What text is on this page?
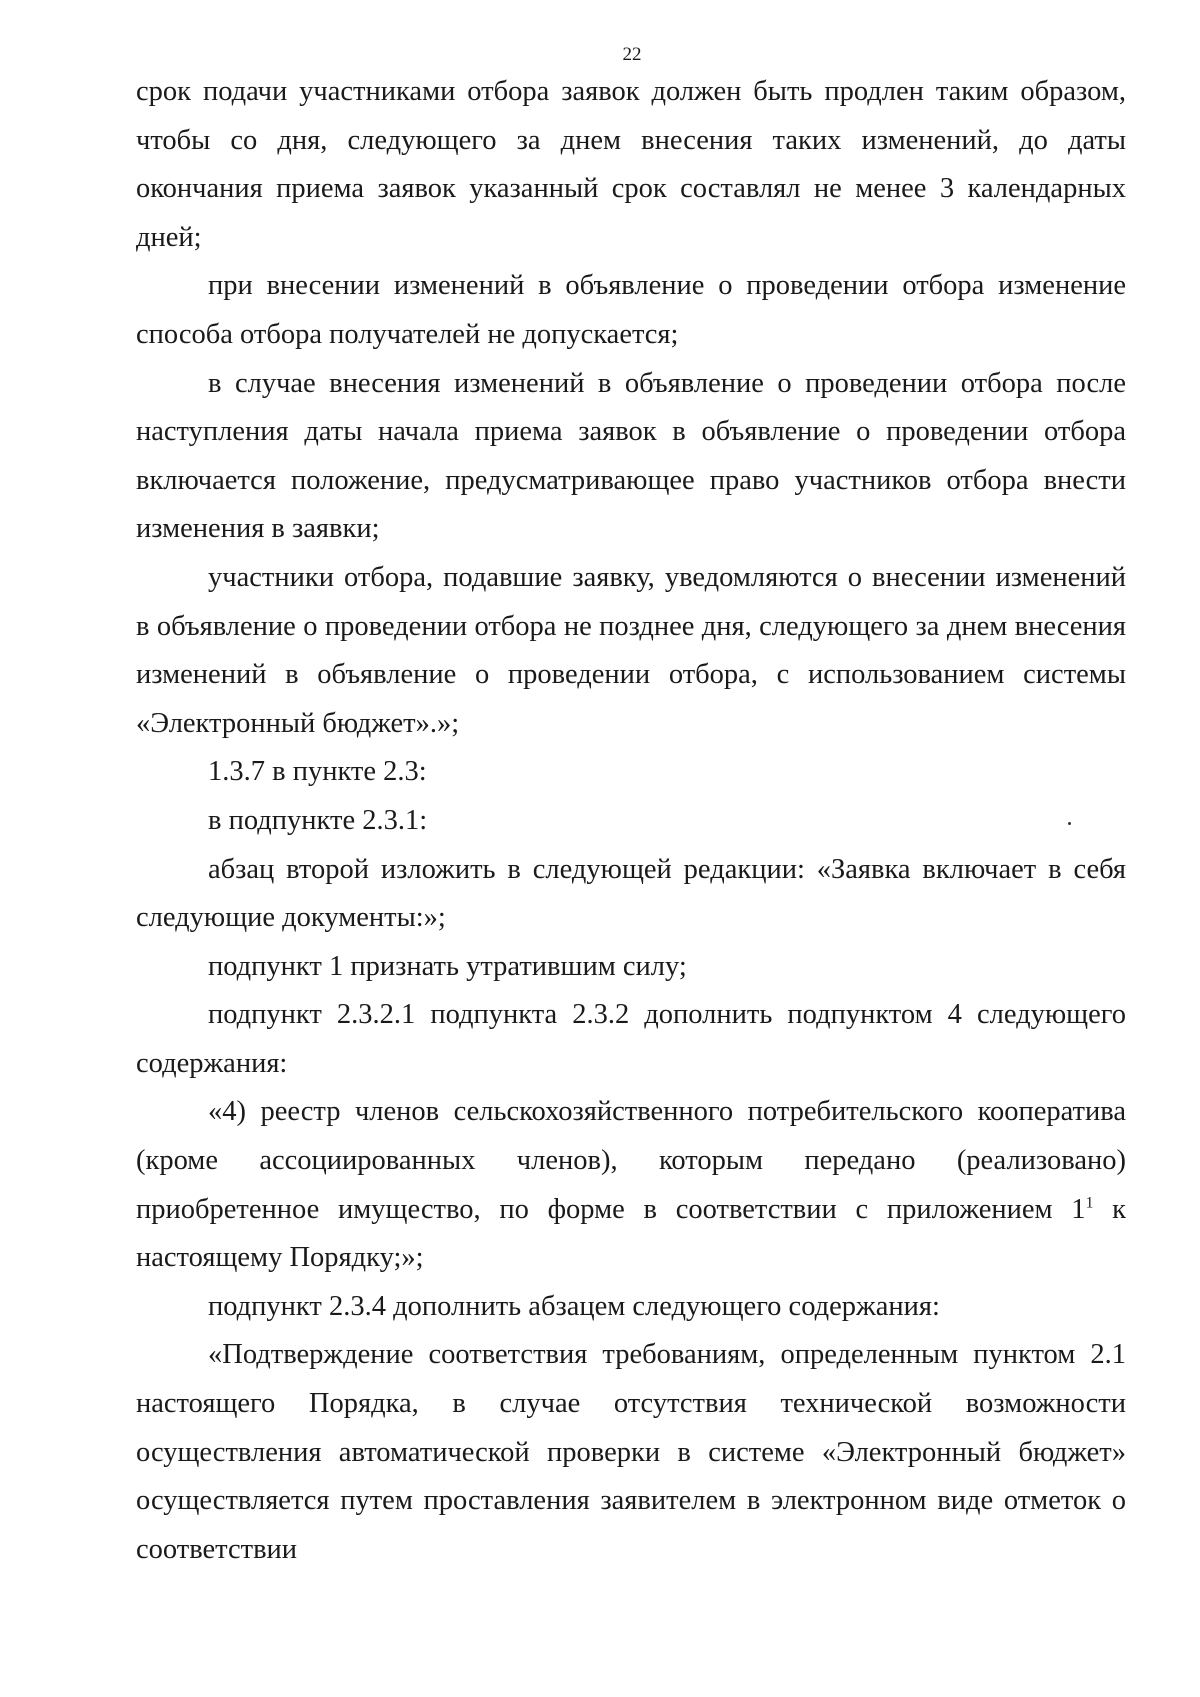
22

срок подачи участниками отбора заявок должен быть продлен таким образом, чтобы со дня, следующего за днем внесения таких изменений, до даты окончания приема заявок указанный срок составлял не менее 3 календарных дней;

при внесении изменений в объявление о проведении отбора изменение способа отбора получателей не допускается;

в случае внесения изменений в объявление о проведении отбора после наступления даты начала приема заявок в объявление о проведении отбора включается положение, предусматривающее право участников отбора внести изменения в заявки;

участники отбора, подавшие заявку, уведомляются о внесении изменений в объявление о проведении отбора не позднее дня, следующего за днем внесения изменений в объявление о проведении отбора, с использованием системы «Электронный бюджет».»;

1.3.7 в пункте 2.3:

в подпункте 2.3.1:

абзац второй изложить в следующей редакции: «Заявка включает в себя следующие документы:»;

подпункт 1 признать утратившим силу;

подпункт 2.3.2.1 подпункта 2.3.2 дополнить подпунктом 4 следующего содержания:

«4) реестр членов сельскохозяйственного потребительского кооператива (кроме ассоциированных членов), которым передано (реализовано) приобретенное имущество, по форме в соответствии с приложением $1^1$ к настоящему Порядку;»;

подпункт 2.3.4 дополнить абзацем следующего содержания:

«Подтверждение соответствия требованиям, определенным пунктом 2.1 настоящего Порядка, в случае отсутствия технической возможности осуществления автоматической проверки в системе «Электронный бюджет» осуществляется путем проставления заявителем в электронном виде отметок о соответствии
